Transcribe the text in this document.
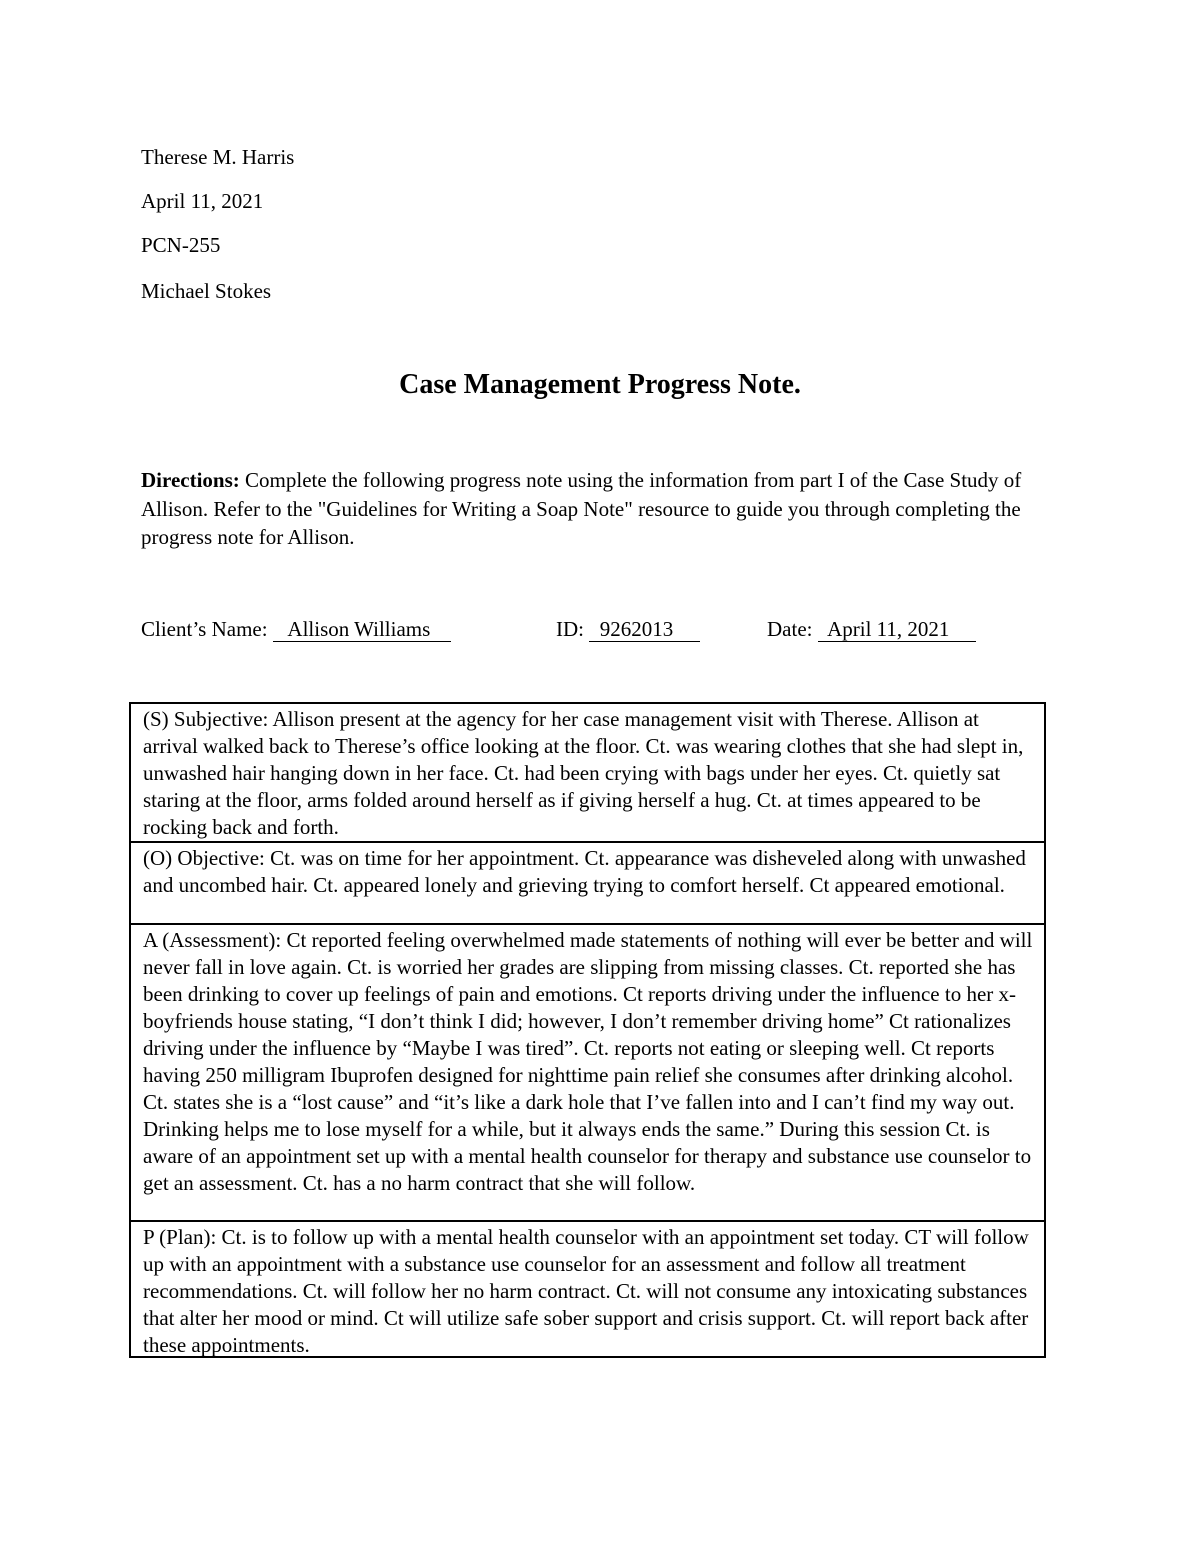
Therese M. Harris
April 11, 2021
PCN-255
Michael Stokes
Case Management Progress Note.
Directions: Complete the following progress note using the information from part I of the Case Study of Allison. Refer to the "Guidelines for Writing a Soap Note" resource to guide you through completing the progress note for Allison.
Client’s Name:    Allison Williams	ID:   9262013	Date:   April 11, 2021
(S) Subjective: Allison present at the agency for her case management visit with Therese. Allison at arrival walked back to Therese’s office looking at the floor. Ct. was wearing clothes that she had slept in, unwashed hair hanging down in her face. Ct. had been crying with bags under her eyes. Ct. quietly sat staring at the floor, arms folded around herself as if giving herself a hug. Ct. at times appeared to be rocking back and forth.
(O) Objective: Ct. was on time for her appointment. Ct. appearance was disheveled along with unwashed and uncombed hair. Ct. appeared lonely and grieving trying to comfort herself. Ct appeared emotional.
A (Assessment): Ct reported feeling overwhelmed made statements of nothing will ever be better and will never fall in love again. Ct. is worried her grades are slipping from missing classes. Ct. reported she has been drinking to cover up feelings of pain and emotions. Ct reports driving under the influence to her x-boyfriends house stating, “I don’t think I did; however, I don’t remember driving home” Ct rationalizes driving under the influence by “Maybe I was tired”. Ct. reports not eating or sleeping well. Ct reports having 250 milligram Ibuprofen designed for nighttime pain relief she consumes after drinking alcohol. Ct. states she is a “lost cause” and “it’s like a dark hole that I’ve fallen into and I can’t find my way out. Drinking helps me to lose myself for a while, but it always ends the same.” During this session Ct. is aware of an appointment set up with a mental health counselor for therapy and substance use counselor to get an assessment. Ct. has a no harm contract that she will follow.
P (Plan): Ct. is to follow up with a mental health counselor with an appointment set today. CT will follow up with an appointment with a substance use counselor for an assessment and follow all treatment recommendations. Ct. will follow her no harm contract. Ct. will not consume any intoxicating substances that alter her mood or mind. Ct will utilize safe sober support and crisis support. Ct. will report back after these appointments.
